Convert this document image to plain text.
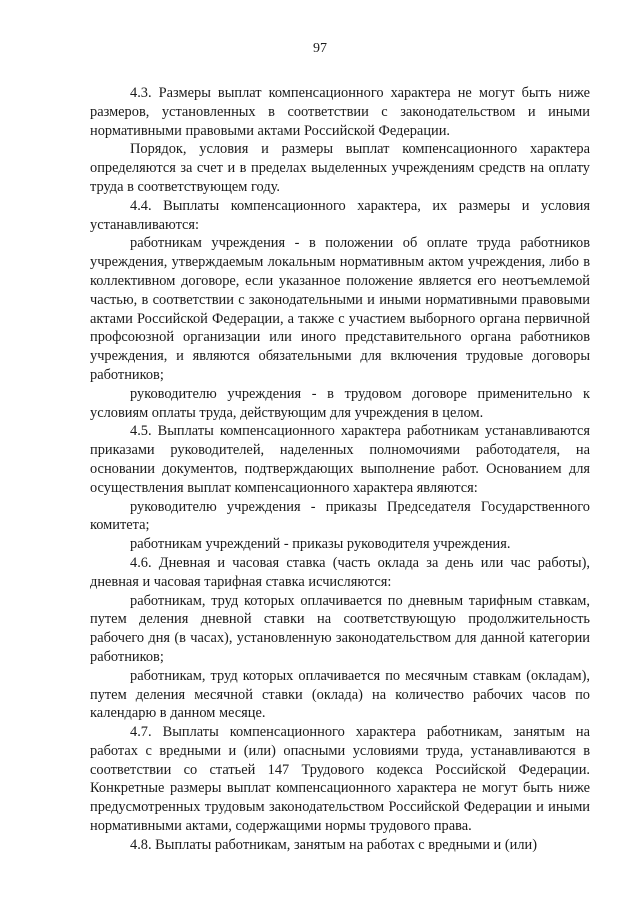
97

4.3. Размеры выплат компенсационного характера не могут быть ниже размеров, установленных в соответствии с законодательством и иными нормативными правовыми актами Российской Федерации.

Порядок, условия и размеры выплат компенсационного характера определяются за счет и в пределах выделенных учреждениям средств на оплату труда в соответствующем году.

4.4. Выплаты компенсационного характера, их размеры и условия устанавливаются:

работникам учреждения - в положении об оплате труда работников учреждения, утверждаемым локальным нормативным актом учреждения, либо в коллективном договоре, если указанное положение является его неотъемлемой частью, в соответствии с законодательными и иными нормативными правовыми актами Российской Федерации, а также с участием выборного органа первичной профсоюзной организации или иного представительного органа работников учреждения, и являются обязательными для включения трудовые договоры работников;

руководителю учреждения - в трудовом договоре применительно к условиям оплаты труда, действующим для учреждения в целом.

4.5. Выплаты компенсационного характера работникам устанавливаются приказами руководителей, наделенных полномочиями работодателя, на основании документов, подтверждающих выполнение работ. Основанием для осуществления выплат компенсационного характера являются:

руководителю учреждения - приказы Председателя Государственного комитета;

работникам учреждений - приказы руководителя учреждения.

4.6. Дневная и часовая ставка (часть оклада за день или час работы), дневная и часовая тарифная ставка исчисляются:

работникам, труд которых оплачивается по дневным тарифным ставкам, путем деления дневной ставки на соответствующую продолжительность рабочего дня (в часах), установленную законодательством для данной категории работников;

работникам, труд которых оплачивается по месячным ставкам (окладам), путем деления месячной ставки (оклада) на количество рабочих часов по календарю в данном месяце.

4.7. Выплаты компенсационного характера работникам, занятым на работах с вредными и (или) опасными условиями труда, устанавливаются в соответствии со статьей 147 Трудового кодекса Российской Федерации. Конкретные размеры выплат компенсационного характера не могут быть ниже предусмотренных трудовым законодательством Российской Федерации и иными нормативными актами, содержащими нормы трудового права.

4.8. Выплаты работникам, занятым на работах с вредными и (или)
